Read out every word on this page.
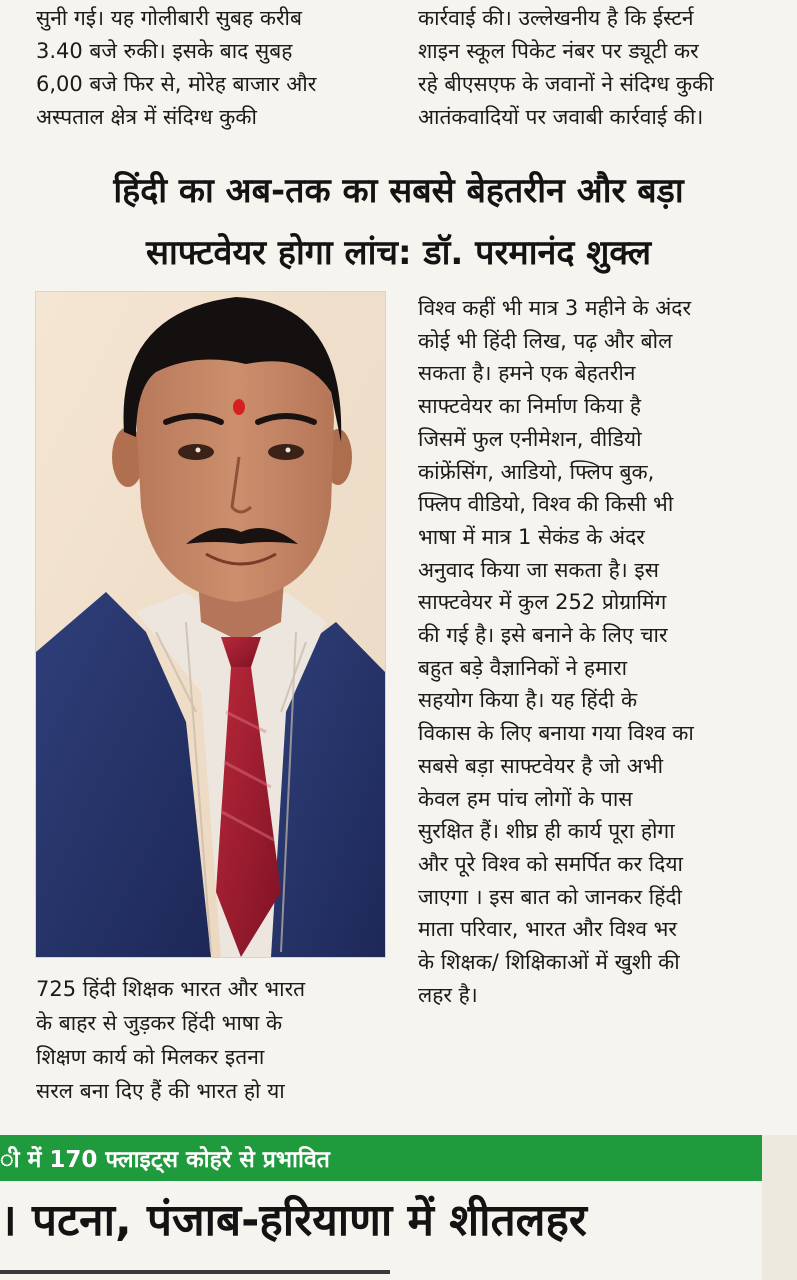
सुनी गई। यह गोलीबारी सुबह करीब
3.40 बजे रुकी। इसके बाद सुबह
6,00 बजे फिर से, मोरेह बाजार और
अस्पताल क्षेत्र में संदिग्ध कुकी

कार्रवाई की। उल्लेखनीय है कि ईस्टर्न
शाइन स्कूल पिकेट नंबर पर ड्यूटी कर
रहे बीएसएफ के जवानों ने संदिग्ध कुकी
आतंकवादियों पर जवाबी कार्रवाई की।

हिंदी का अब-तक का सबसे बेहतरीन और बड़ा
साफ्टवेयर होगा लांच: डॉ. परमानंद शुक्ल

विश्व कहीं भी मात्र 3 महीने के अंदर
कोई भी हिंदी लिख, पढ़ और बोल
सकता है। हमने एक बेहतरीन
साफ्टवेयर का निर्माण किया है
जिसमें फुल एनीमेशन, वीडियो
कांफ्रेंसिंग, आडियो, फ्लिप बुक,
फ्लिप वीडियो, विश्व की किसी भी
भाषा में मात्र 1 सेकंड के अंदर
अनुवाद किया जा सकता है। इस
साफ्टवेयर में कुल 252 प्रोग्रामिंग
की गई है। इसे बनाने के लिए चार
बहुत बड़े वैज्ञानिकों ने हमारा
सहयोग किया है। यह हिंदी के
विकास के लिए बनाया गया विश्व का
सबसे बड़ा साफ्टवेयर है जो अभी
केवल हम पांच लोगों के पास
सुरक्षित हैं। शीघ्र ही कार्य पूरा होगा
और पूरे विश्व को समर्पित कर दिया
जाएगा । इस बात को जानकर हिंदी
माता परिवार, भारत और विश्व भर
के शिक्षक/ शिक्षिकाओं में खुशी की
लहर है।

725 हिंदी शिक्षक भारत और भारत
के बाहर से जुड़कर हिंदी भाषा के
शिक्षण कार्य को मिलकर इतना
सरल बना दिए हैं की भारत हो या

ी में 170 फ्लाइट्स कोहरे से प्रभावित
। पटना, पंजाब-हरियाणा में शीतलहर
